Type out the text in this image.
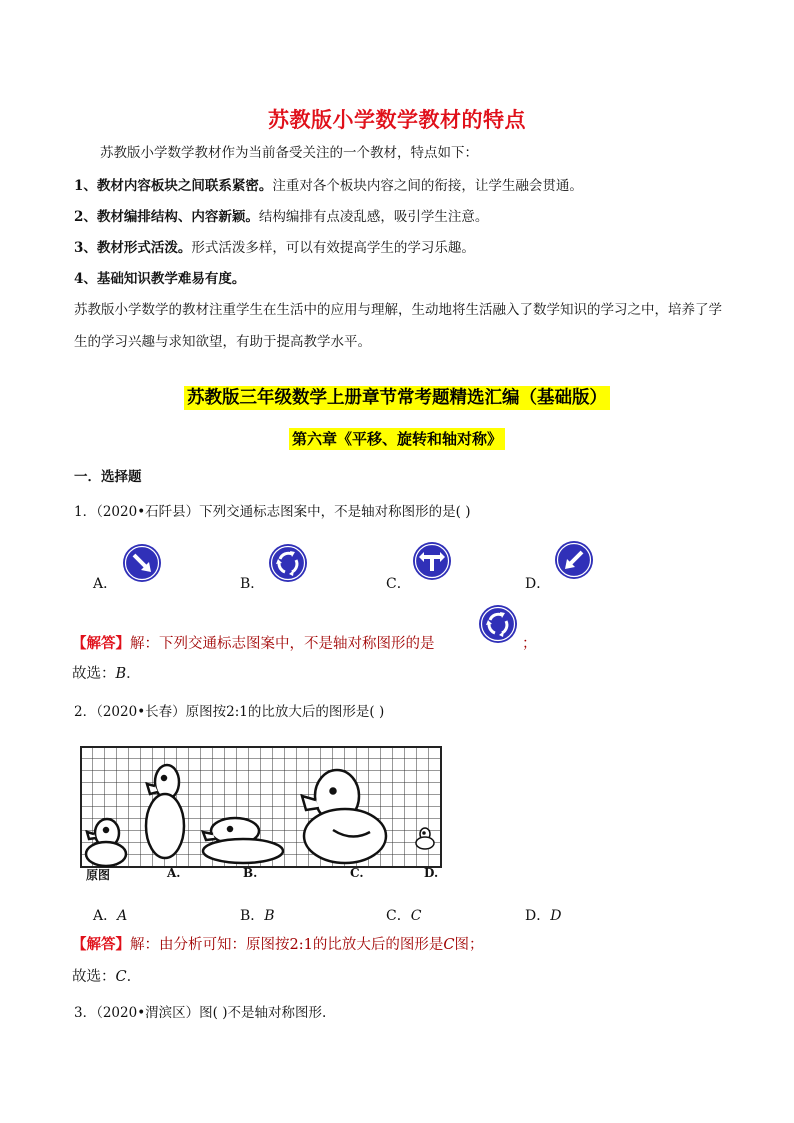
苏教版小学数学教材的特点
苏教版小学数学教材作为当前备受关注的一个教材，特点如下：
1、教材内容板块之间联系紧密。注重对各个板块内容之间的衔接，让学生融会贯通。
2、教材编排结构、内容新颖。结构编排有点凌乱感，吸引学生注意。
3、教材形式活泼。形式活泼多样，可以有效提高学生的学习乐趣。
4、基础知识教学难易有度。
苏教版小学数学的教材注重学生在生活中的应用与理解，生动地将生活融入了数学知识的学习之中，培养了学生的学习兴趣与求知欲望，有助于提高教学水平。
苏教版三年级数学上册章节常考题精选汇编（基础版）
第六章《平移、旋转和轴对称》
一．选择题
1．（2020•石阡县）下列交通标志图案中，不是轴对称图形的是( )
A．	B．	C．	D．
【解答】解：下列交通标志图案中，不是轴对称图形的是	；
故选：B．
2．（2020•长春）原图按2:1的比放大后的图形是( )
原图	A.	B.	C.	D.
A．A	B．B	C．C	D．D
【解答】解：由分析可知：原图按2:1的比放大后的图形是C图；
故选：C．
3．（2020•渭滨区）图( )不是轴对称图形.
